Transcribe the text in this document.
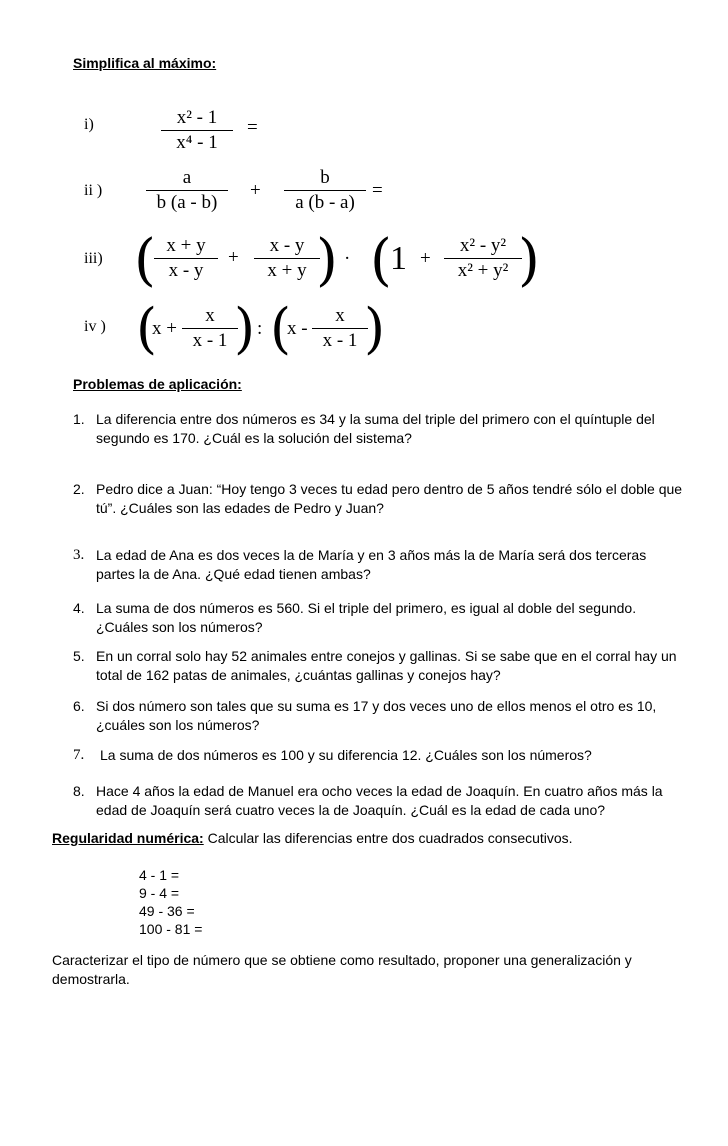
Simplifica al máximo:
i)	x² - 1
x⁴ - 1
=
ii )
a
b (a - b)
+
b
a (b - a)
=
iii) ( x + y
x - y
+
x - y
x + y ) · (
1 +
x² - y²
x² + y² )
iv ) (
x +
x
x - 1 ) : (
x -
x
x - 1 )
Problemas de aplicación:
1. La diferencia entre dos números es 34 y la suma del triple del primero con el quíntuple del segundo es 170. ¿Cuál es la solución del sistema?
2. Pedro dice a Juan: “Hoy tengo 3 veces tu edad pero dentro de 5 años tendré sólo el doble que tú”. ¿Cuáles son las edades de Pedro y Juan?
3. La edad de Ana es dos veces la de María y en 3 años más la de María será dos terceras partes la de Ana. ¿Qué edad tienen ambas?
4. La suma de dos números es 560. Si el triple del primero, es igual al doble del segundo. ¿Cuáles son los números?
5. En un corral solo hay 52 animales entre conejos y gallinas. Si se sabe que en el corral hay un total de 162 patas de animales, ¿cuántas gallinas y conejos hay?
6. Si dos número son tales que su suma es 17 y dos veces uno de ellos menos el otro es 10, ¿cuáles son los números?
7. La suma de dos números es 100 y su diferencia 12. ¿Cuáles son los números?
8. Hace 4 años la edad de Manuel era ocho veces la edad de Joaquín. En cuatro años más la edad de Joaquín será cuatro veces la de Joaquín. ¿Cuál es la edad de cada uno?
Regularidad numérica: Calcular las diferencias entre dos cuadrados consecutivos.
4 - 1 =
9 - 4 =
49 - 36 =
100 - 81 =
Caracterizar el tipo de número que se obtiene como resultado, proponer una generalización y demostrarla.
